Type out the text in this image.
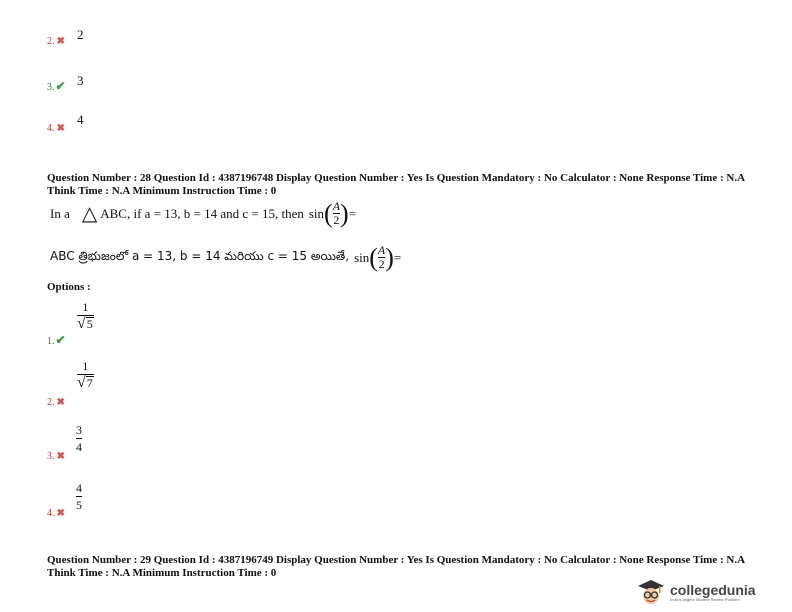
2. ✖ 2
3.✔ 3
4. ✖
4
Question Number : 28 Question Id : 4387196748 Display Question Number : Yes Is Question Mandatory : No Calculator : None Response Time : N.A Think Time : N.A Minimum Instruction Time : 0
In a △ ABC, if a = 13, b = 14 and c = 15, then sin ( $\frac{A}{2}$ ) =
ABC త్రిభుజంలో a = 13, b = 14 మరియు c = 15 అయితే, sin ( $\frac{A}{2}$ ) =
Options :
1.✔
1
√ 5
2. ✖
1
√ 7
3. ✖
3
4
4. ✖
4
5
Question Number : 29 Question Id : 4387196749 Display Question Number : Yes Is Question Mandatory : No Calculator : None Response Time : N.A Think Time : N.A Minimum Instruction Time : 0
collegedunia
India's largest Student Review Platform
